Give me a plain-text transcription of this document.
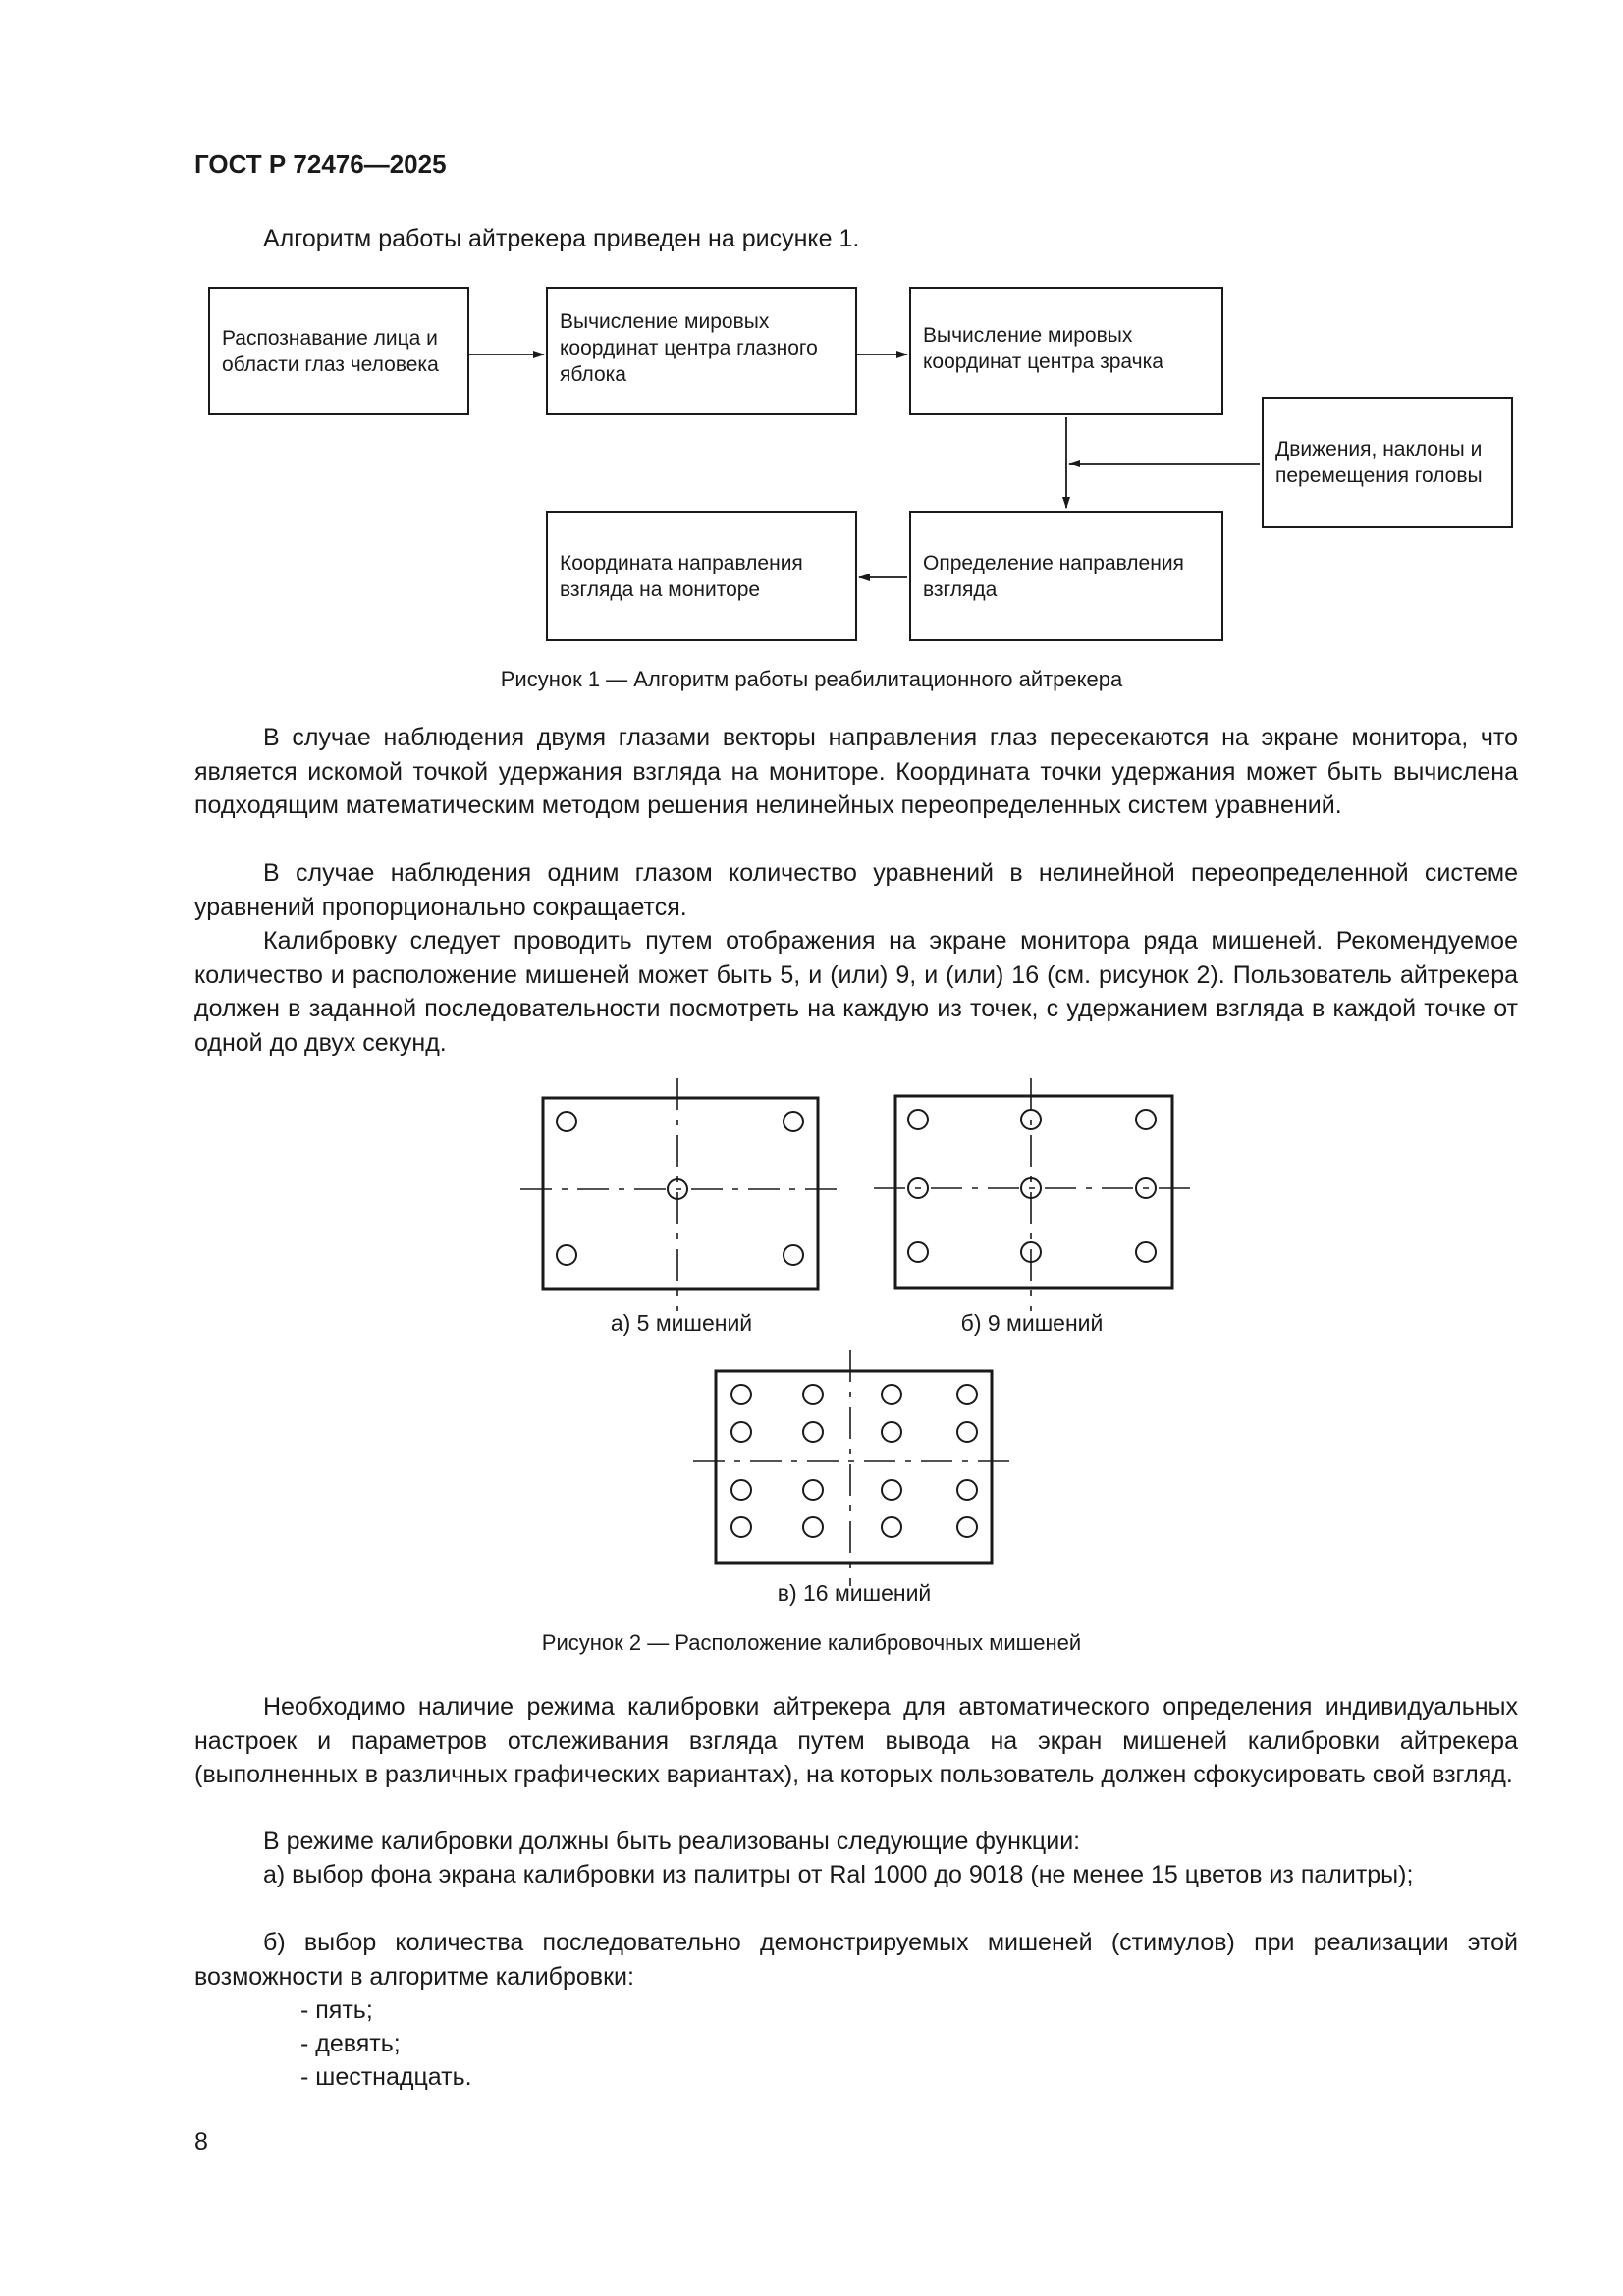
ГОСТ Р 72476—2025
Алгоритм работы айтрекера приведен на рисунке 1.
Распознавание лица и области глаз человека
Вычисление мировых координат центра глазного яблока
Вычисление мировых координат центра зрачка
Движения, наклоны и перемещения головы
Координата направления взгляда на мониторе
Определение направления взгляда
Рисунок 1 — Алгоритм работы реабилитационного айтрекера
В случае наблюдения двумя глазами векторы направления глаз пересекаются на экране монитора, что является искомой точкой удержания взгляда на мониторе. Координата точки удержания может быть вычислена подходящим математическим методом решения нелинейных переопределенных систем уравнений.
В случае наблюдения одним глазом количество уравнений в нелинейной переопределенной системе уравнений пропорционально сокращается.
Калибровку следует проводить путем отображения на экране монитора ряда мишеней. Рекомендуемое количество и расположение мишеней может быть 5, и (или) 9, и (или) 16 (см. рисунок 2). Пользователь айтрекера должен в заданной последовательности посмотреть на каждую из точек, с удержанием взгляда в каждой точке от одной до двух секунд.
а) 5 мишений	б) 9 мишений
в) 16 мишений
Рисунок 2 — Расположение калибровочных мишеней
Необходимо наличие режима калибровки айтрекера для автоматического определения индивидуальных настроек и параметров отслеживания взгляда путем вывода на экран мишеней калибровки айтрекера (выполненных в различных графических вариантах), на которых пользователь должен сфокусировать свой взгляд.
В режиме калибровки должны быть реализованы следующие функции:
а) выбор фона экрана калибровки из палитры от Ral 1000 до 9018 (не менее 15 цветов из палитры);
б) выбор количества последовательно демонстрируемых мишеней (стимулов) при реализации этой возможности в алгоритме калибровки:
- пять;
- девять;
- шестнадцать.
8
